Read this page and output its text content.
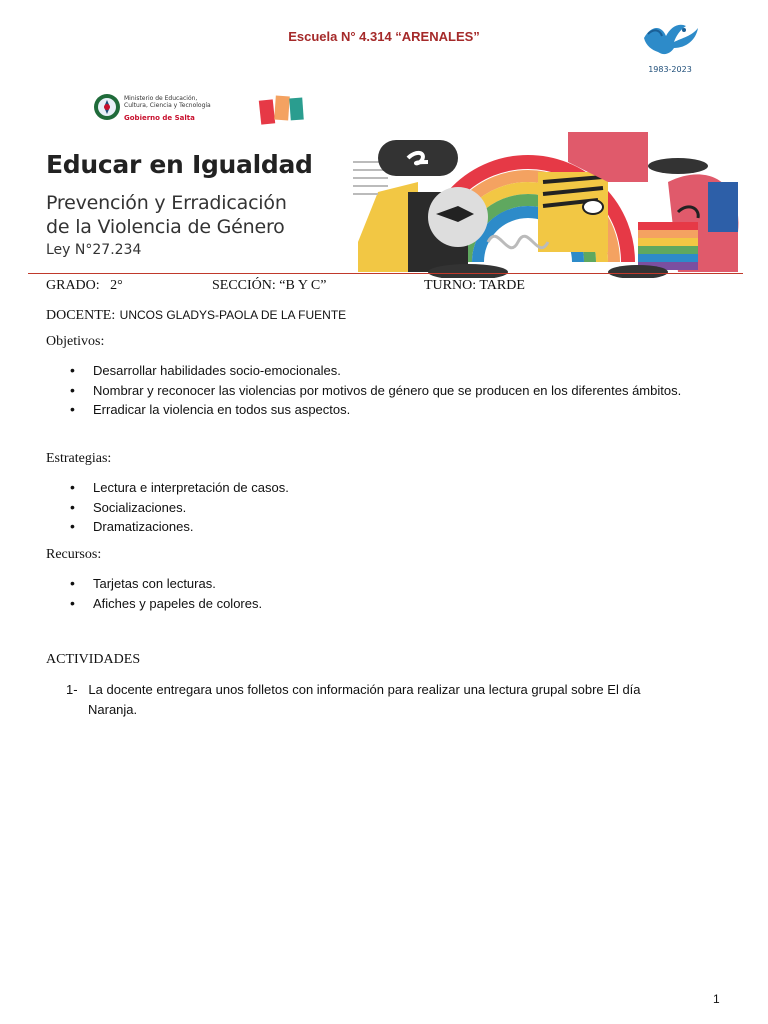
Escuela N° 4.314 “ARENALES”
1983-2023
Ministerio de Educación,
Cultura, Ciencia y Tecnología
Gobierno de Salta
Educar en Igualdad
Prevención y Erradicación
de la Violencia de Género
Ley N°27.234
GRADO: 2°	SECCIÓN: “B Y C”	TURNO: TARDE
DOCENTE: UNCOS GLADYS-PAOLA DE LA FUENTE
Objetivos:
• Desarrollar habilidades socio-emocionales.
• Nombrar y reconocer las violencias por motivos de género que se producen en los diferentes ámbitos.
• Erradicar la violencia en todos sus aspectos.
Estrategias:
• Lectura e interpretación de casos.
• Socializaciones.
• Dramatizaciones.
Recursos:
• Tarjetas con lecturas.
• Afiches y papeles de colores.
ACTIVIDADES
1- La docente entregara unos folletos con información para realizar una lectura grupal sobre El día
Naranja.
1
